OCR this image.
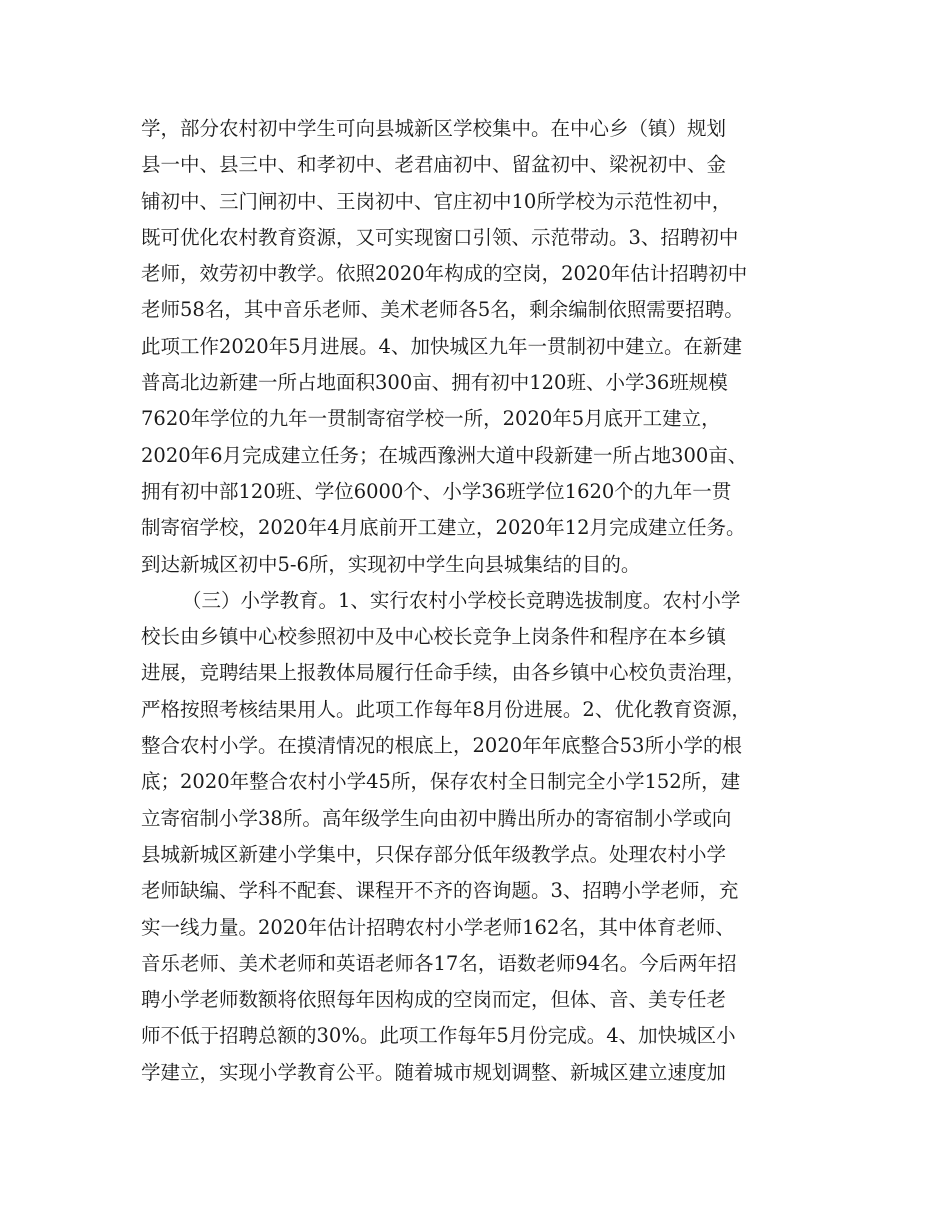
学，部分农村初中学生可向县城新区学校集中。在中心乡（镇）规划
县一中、县三中、和孝初中、老君庙初中、留盆初中、梁祝初中、金
铺初中、三门闸初中、王岗初中、官庄初中10所学校为示范性初中，
既可优化农村教育资源，又可实现窗口引领、示范带动。3、招聘初中
老师，效劳初中教学。依照2020年构成的空岗，2020年估计招聘初中
老师58名，其中音乐老师、美术老师各5名，剩余编制依照需要招聘。
此项工作2020年5月进展。4、加快城区九年一贯制初中建立。在新建
普高北边新建一所占地面积300亩、拥有初中120班、小学36班规模
7620年学位的九年一贯制寄宿学校一所，2020年5月底开工建立，
2020年6月完成建立任务；在城西豫洲大道中段新建一所占地300亩、
拥有初中部120班、学位6000个、小学36班学位1620个的九年一贯
制寄宿学校，2020年4月底前开工建立，2020年12月完成建立任务。
到达新城区初中5-6所，实现初中学生向县城集结的目的。
（三）小学教育。1、实行农村小学校长竞聘选拔制度。农村小学
校长由乡镇中心校参照初中及中心校长竞争上岗条件和程序在本乡镇
进展，竞聘结果上报教体局履行任命手续，由各乡镇中心校负责治理，
严格按照考核结果用人。此项工作每年8月份进展。2、优化教育资源，
整合农村小学。在摸清情况的根底上，2020年年底整合53所小学的根
底；2020年整合农村小学45所，保存农村全日制完全小学152所，建
立寄宿制小学38所。高年级学生向由初中腾出所办的寄宿制小学或向
县城新城区新建小学集中，只保存部分低年级教学点。处理农村小学
老师缺编、学科不配套、课程开不齐的咨询题。3、招聘小学老师，充
实一线力量。2020年估计招聘农村小学老师162名，其中体育老师、
音乐老师、美术老师和英语老师各17名，语数老师94名。今后两年招
聘小学老师数额将依照每年因构成的空岗而定，但体、音、美专任老
师不低于招聘总额的30%。此项工作每年5月份完成。4、加快城区小
学建立，实现小学教育公平。随着城市规划调整、新城区建立速度加
